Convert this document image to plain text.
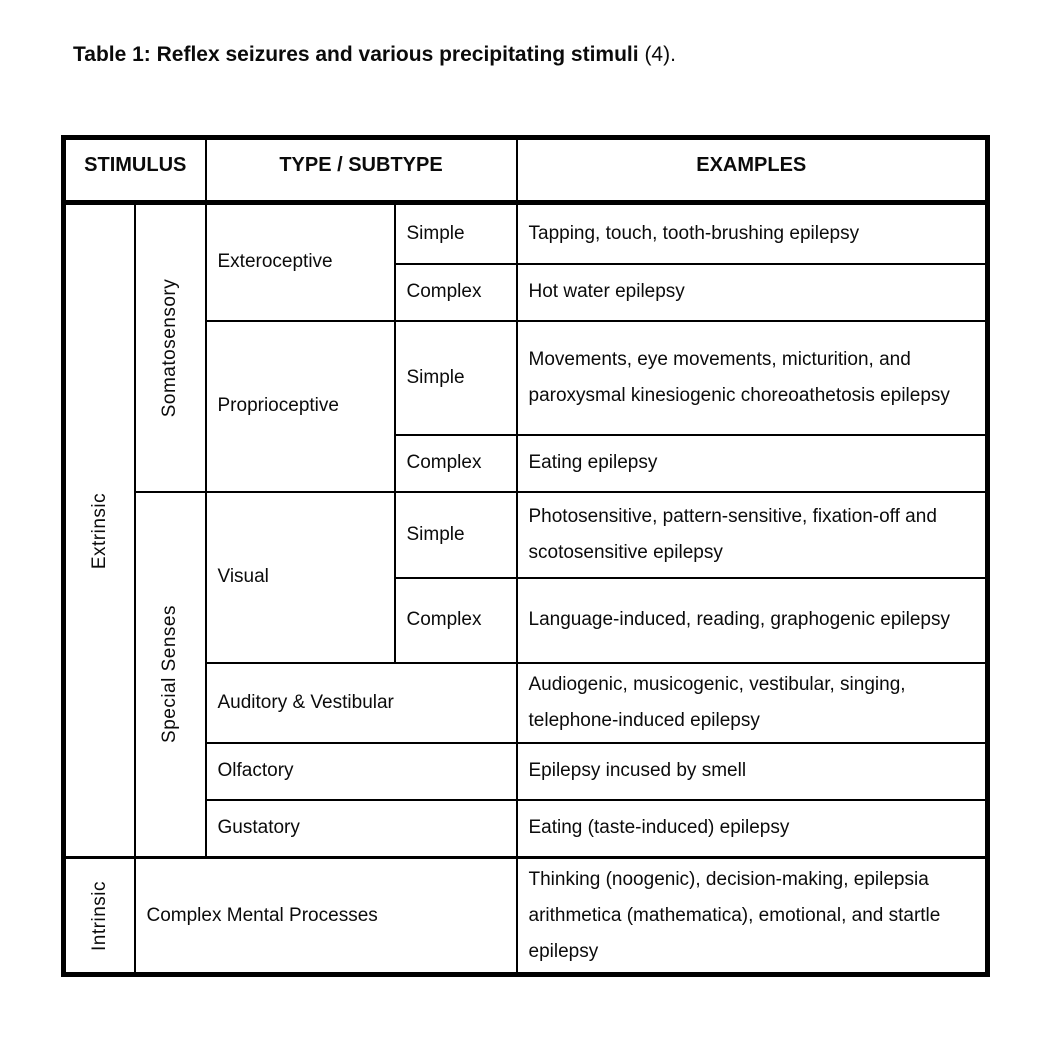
Table 1: Reflex seizures and various precipitating stimuli (4).
STIMULUS		TYPE / SUBTYPE		EXAMPLES

Extrinsic	Somatosensory	Exteroceptive	Simple	Tapping, touch, tooth-brushing epilepsy
			Complex	Hot water epilepsy
		Proprioceptive	Simple	Movements, eye movements, micturition, and paroxysmal kinesiogenic choreoathetosis epilepsy
			Complex	Eating epilepsy

	Special Senses	Visual	Simple	Photosensitive, pattern-sensitive, fixation-off and scotosensitive epilepsy
			Complex	Language-induced, reading, graphogenic epilepsy
		Auditory & Vestibular		Audiogenic, musicogenic, vestibular, singing, telephone-induced epilepsy
		Olfactory		Epilepsy incused by smell
		Gustatory		Eating (taste-induced) epilepsy

Intrinsic	Complex Mental Processes			Thinking (noogenic), decision-making, epilepsia arithmetica (mathematica), emotional, and startle epilepsy
